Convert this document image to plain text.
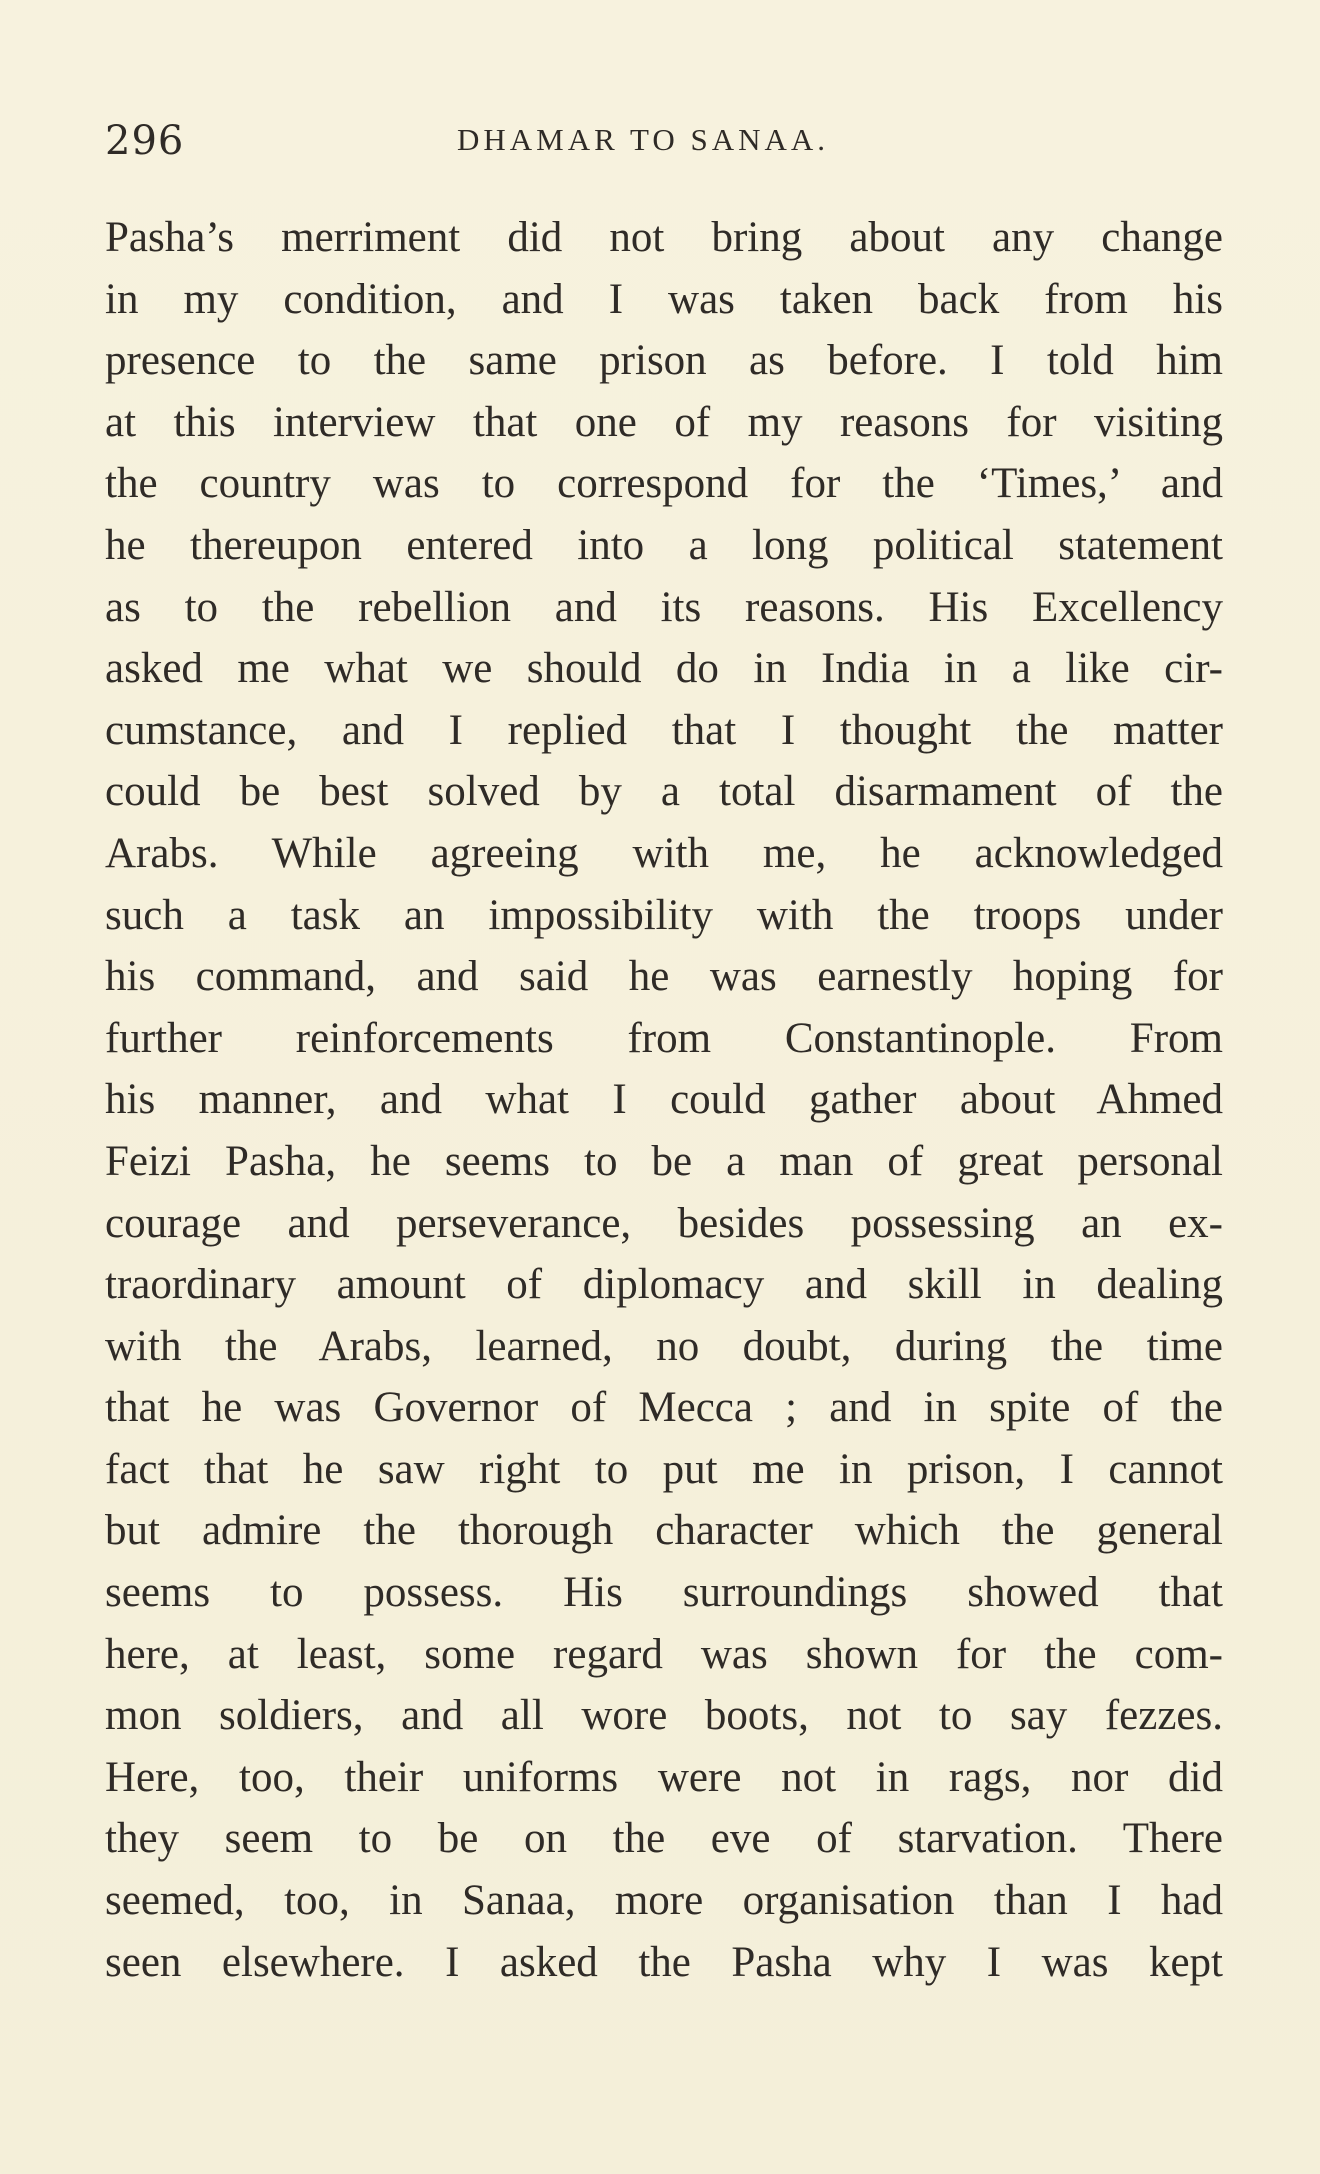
296	DHAMAR TO SANAA.
Pasha’s merriment did not bring about any change
in my condition, and I was taken back from his
presence to the same prison as before. I told him
at this interview that one of my reasons for visiting
the country was to correspond for the ‘Times,’ and
he thereupon entered into a long political statement
as to the rebellion and its reasons. His Excellency
asked me what we should do in India in a like cir-
cumstance, and I replied that I thought the matter
could be best solved by a total disarmament of the
Arabs. While agreeing with me, he acknowledged
such a task an impossibility with the troops under
his command, and said he was earnestly hoping for
further reinforcements from Constantinople. From
his manner, and what I could gather about Ahmed
Feizi Pasha, he seems to be a man of great personal
courage and perseverance, besides possessing an ex-
traordinary amount of diplomacy and skill in dealing
with the Arabs, learned, no doubt, during the time
that he was Governor of Mecca ; and in spite of the
fact that he saw right to put me in prison, I cannot
but admire the thorough character which the general
seems to possess. His surroundings showed that
here, at least, some regard was shown for the com-
mon soldiers, and all wore boots, not to say fezzes.
Here, too, their uniforms were not in rags, nor did
they seem to be on the eve of starvation. There
seemed, too, in Sanaa, more organisation than I had
seen elsewhere. I asked the Pasha why I was kept
